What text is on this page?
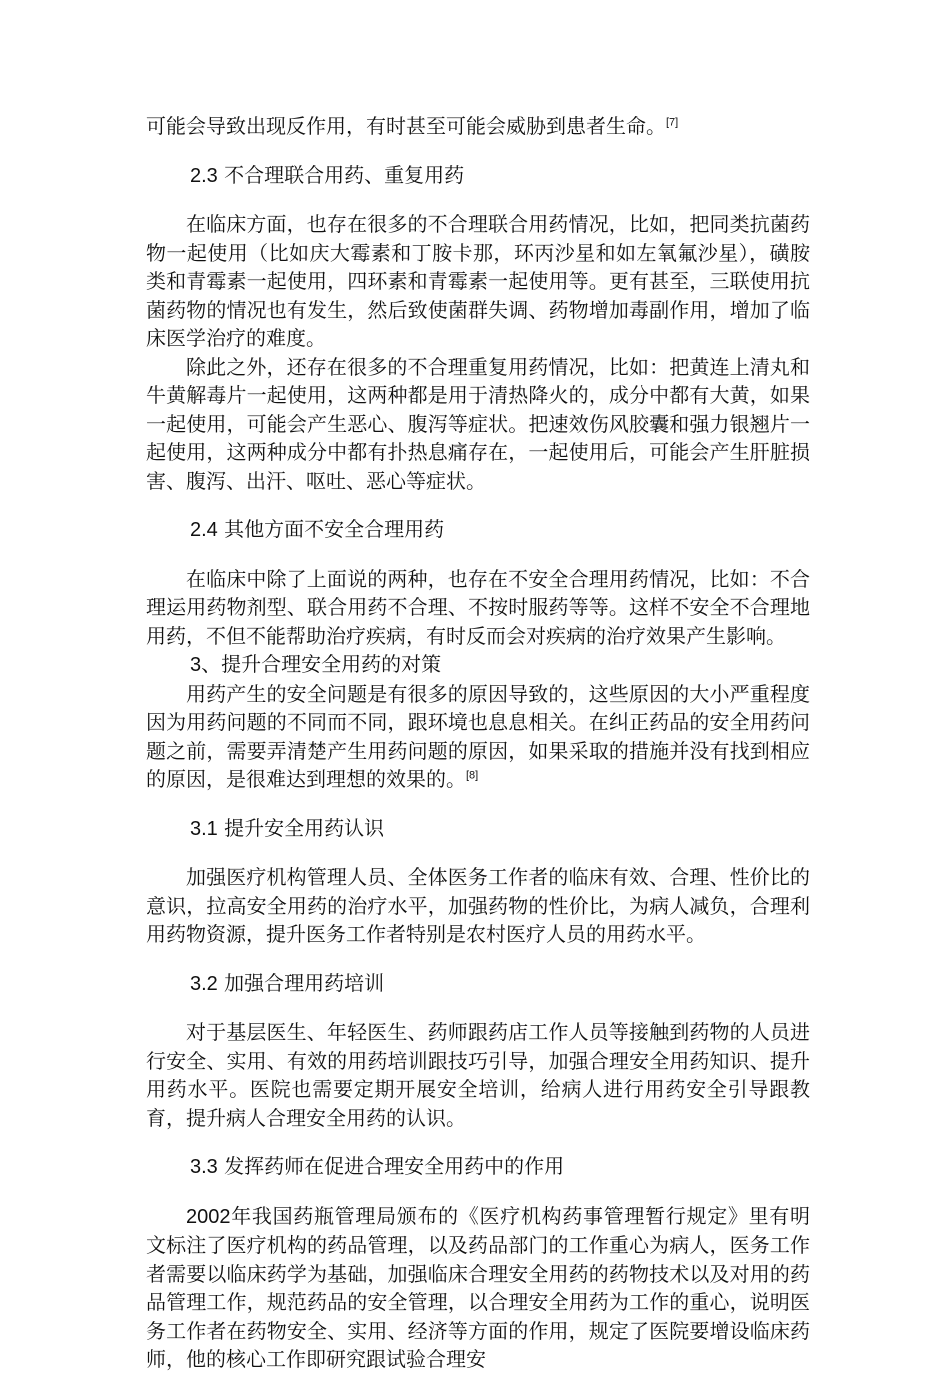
可能会导致出现反作用，有时甚至可能会威胁到患者生命。[7]

2.3 不合理联合用药、重复用药

在临床方面，也存在很多的不合理联合用药情况，比如，把同类抗菌药物一起使用（比如庆大霉素和丁胺卡那，环丙沙星和如左氧氟沙星），磺胺类和青霉素一起使用，四环素和青霉素一起使用等。更有甚至，三联使用抗菌药物的情况也有发生，然后致使菌群失调、药物增加毒副作用，增加了临床医学治疗的难度。

除此之外，还存在很多的不合理重复用药情况，比如：把黄连上清丸和牛黄解毒片一起使用，这两种都是用于清热降火的，成分中都有大黄，如果一起使用，可能会产生恶心、腹泻等症状。把速效伤风胶囊和强力银翘片一起使用，这两种成分中都有扑热息痛存在，一起使用后，可能会产生肝脏损害、腹泻、出汗、呕吐、恶心等症状。

2.4 其他方面不安全合理用药

在临床中除了上面说的两种，也存在不安全合理用药情况，比如：不合理运用药物剂型、联合用药不合理、不按时服药等等。这样不安全不合理地用药，不但不能帮助治疗疾病，有时反而会对疾病的治疗效果产生影响。

3、提升合理安全用药的对策

用药产生的安全问题是有很多的原因导致的，这些原因的大小严重程度因为用药问题的不同而不同，跟环境也息息相关。在纠正药品的安全用药问题之前，需要弄清楚产生用药问题的原因，如果采取的措施并没有找到相应的原因，是很难达到理想的效果的。[8]

3.1 提升安全用药认识

加强医疗机构管理人员、全体医务工作者的临床有效、合理、性价比的意识，拉高安全用药的治疗水平，加强药物的性价比，为病人减负，合理利用药物资源，提升医务工作者特别是农村医疗人员的用药水平。

3.2 加强合理用药培训

对于基层医生、年轻医生、药师跟药店工作人员等接触到药物的人员进行安全、实用、有效的用药培训跟技巧引导，加强合理安全用药知识、提升用药水平。医院也需要定期开展安全培训，给病人进行用药安全引导跟教育，提升病人合理安全用药的认识。

3.3 发挥药师在促进合理安全用药中的作用

2002年我国药瓶管理局颁布的《医疗机构药事管理暂行规定》里有明文标注了医疗机构的药品管理，以及药品部门的工作重心为病人，医务工作者需要以临床药学为基础，加强临床合理安全用药的药物技术以及对用的药品管理工作，规范药品的安全管理，以合理安全用药为工作的重心，说明医务工作者在药物安全、实用、经济等方面的作用，规定了医院要增设临床药师，他的核心工作即研究跟试验合理安
